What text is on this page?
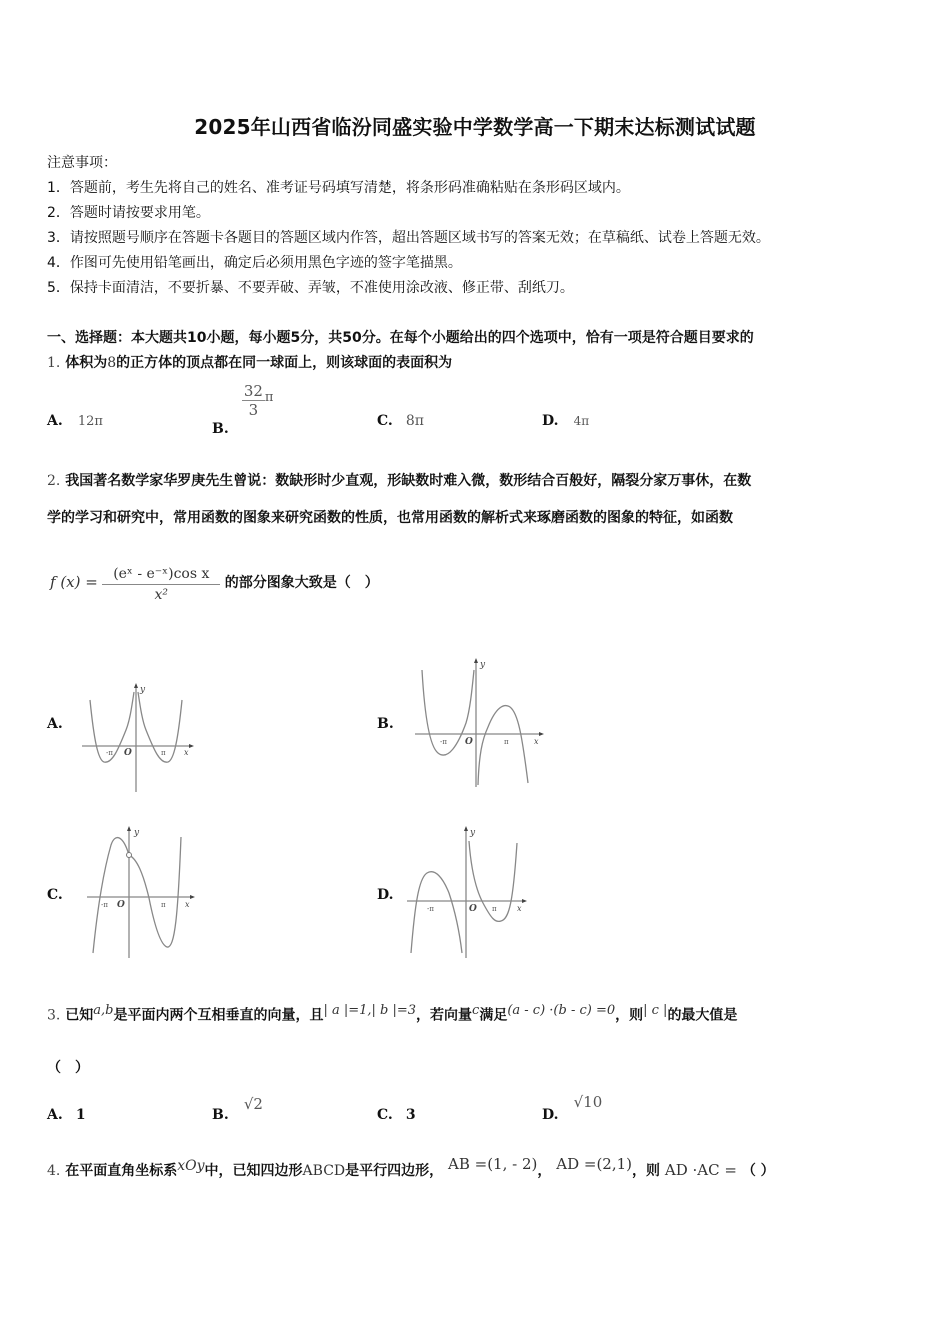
2025年山西省临汾同盛实验中学数学高一下期末达标测试试题
注意事项：
1．答题前，考生先将自己的姓名、准考证号码填写清楚，将条形码准确粘贴在条形码区域内。
2．答题时请按要求用笔。
3．请按照题号顺序在答题卡各题目的答题区域内作答，超出答题区域书写的答案无效；在草稿纸、试卷上答题无效。
4．作图可先使用铅笔画出，确定后必须用黑色字迹的签字笔描黑。
5．保持卡面清洁，不要折暴、不要弄破、弄皱，不准使用涂改液、修正带、刮纸刀。
一、选择题：本大题共10小题，每小题5分，共50分。在每个小题给出的四个选项中，恰有一项是符合题目要求的
1. 体积为8的正方体的顶点都在同一球面上，则该球面的表面积为
A. 12π	B.
$\frac{32}{3} ^\pi$
C. 8π	D. 4π
2. 我国著名数学家华罗庚先生曾说：数缺形时少直观，形缺数时难入微，数形结合百般好，隔裂分家万事休，在数
学的学习和研究中，常用函数的图象来研究函数的性质，也常用函数的解析式来琢磨函数的图象的特征，如函数
f $(x) = \frac{\text{(eˣ - e⁻ˣ)cos x}}{\text{x²}}$ 的部分图象大致是（　）
A.	B.
C.	D.
y
x
O
-π	π
y
x
O
-π	π
y
x
O
-π	π
y
x
O
-π	π
3. 已知a,b是平面内两个互相垂直的向量，且| a |=1,| b |=3，若向量c满足(a - c) ·(b - c) =0，则| c |的最大值是
（　）
A. 1	B. √2
C. 3	D. √10
4. 在平面直角坐标系xOy中，已知四边形ABCD是平行四边形， AB =(1, - 2)， AD =(2,1)，则 AD ·AC = （ ）
